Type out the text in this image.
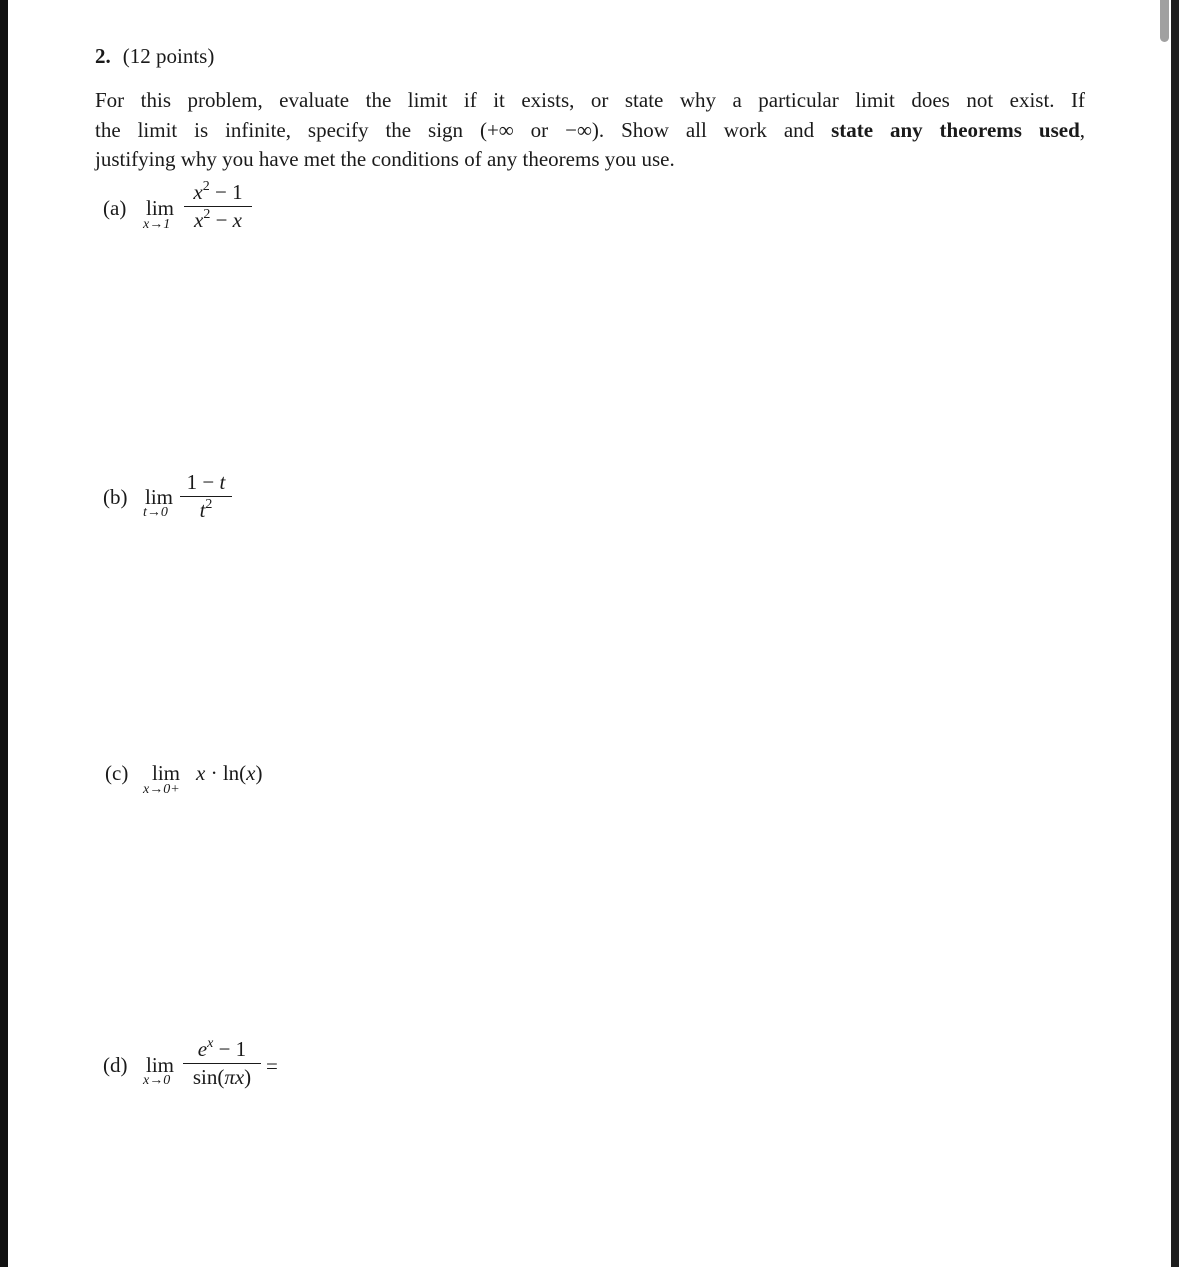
2. (12 points)
For this problem, evaluate the limit if it exists, or state why a particular limit does not exist. If
the limit is infinite, specify the sign (+∞ or −∞). Show all work and state any theorems used,
justifying why you have met the conditions of any theorems you use.
(a) lim
x→1
$x^2 - 1$
$x^2 - x$
(b) lim
t→0
1 − t
$t^2$
(c) lim
x→0+
x · ln(x)
(d) lim
x→0
$e^x - 1$
sin(πx) =
